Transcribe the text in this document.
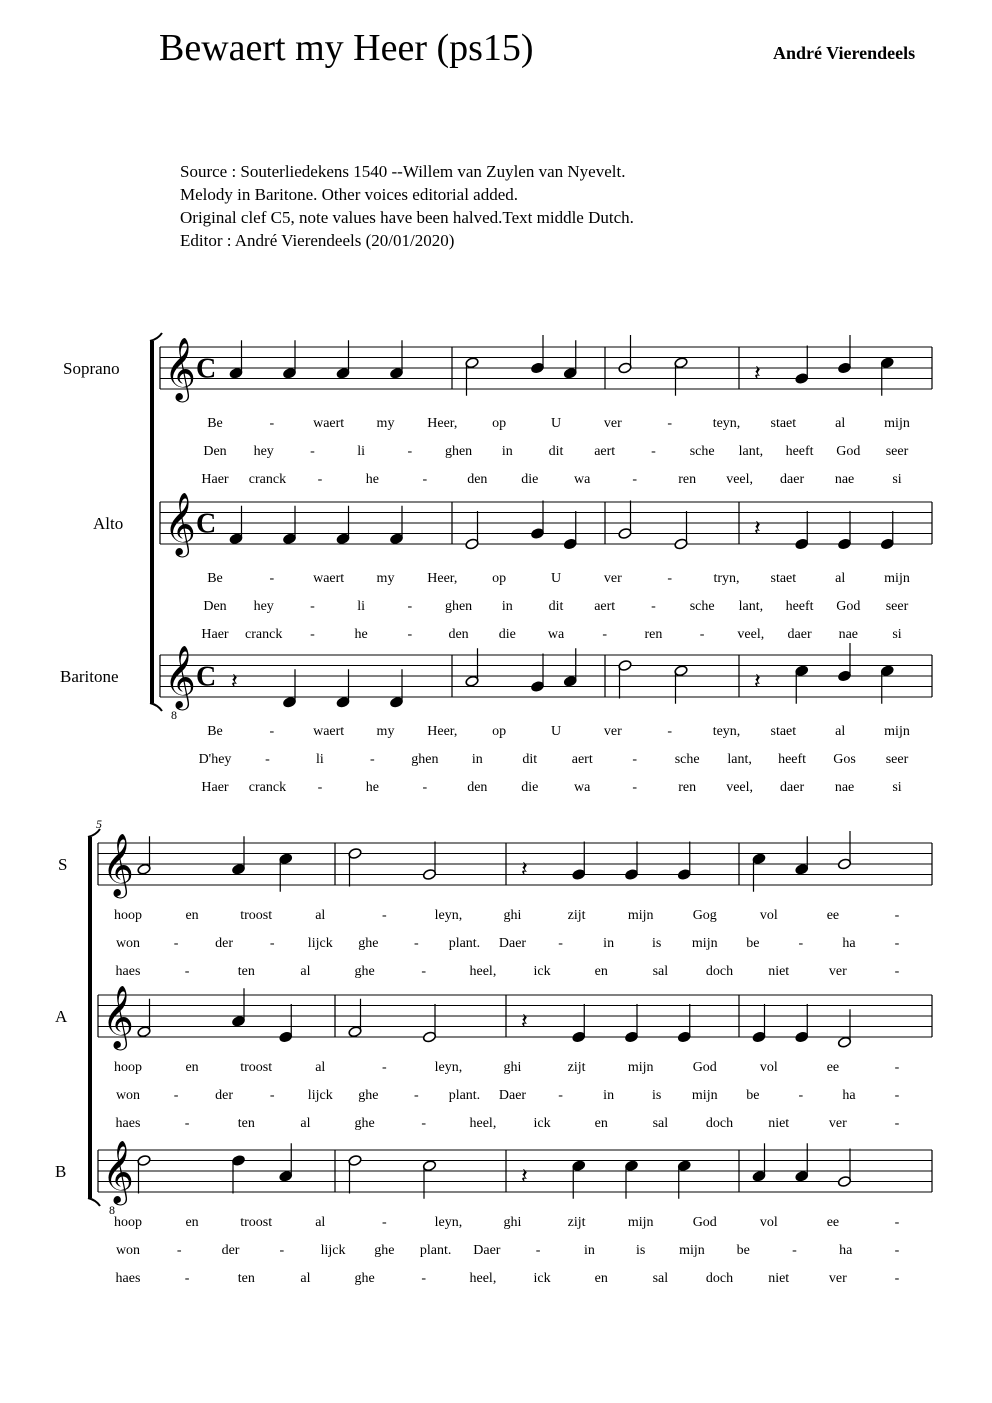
Bewaert my Heer (ps15)	André Vierendeels
Source : Souterliedekens 1540 --Willem van Zuylen van Nyevelt.
Melody in Baritone. Other voices editorial added.
Original clef C5, note values have been halved.Text middle Dutch.
Editor : André Vierendeels (20/01/2020)
𝄞 C	𝄽
𝄞 C	𝄽
𝄞
8
C 𝄽	𝄽
𝄞	𝄽
𝄞	𝄽
𝄞
8
𝄽
Soprano
Be	-	waert my Heer, op	U	ver	-	teyn, staet	al	mijn
Den hey	-	li	- ghen in	dit aert	- sche lant, heeft God seer
Haer cranck -	he	-	den die	wa	-	ren veel, daer nae	si
Alto
Be	-	waert my Heer, op	U	ver	-	tryn, staet	al	mijn
Den hey	-	li	- ghen in	dit aert	- sche lant, heeft God seer
Haer cranck -	he	-	den die wa	-	ren	- veel, daer nae si
Baritone
Be	-	waert my Heer, op	U	ver	-	teyn, staet	al	mijn
D'hey -	li	-	ghen in	dit aert	-	sche lant, heeft Gos seer
Haer cranck -	he	-	den die	wa	-	ren veel, daer nae	si
5
S
hoop	en	troost	al	-	leyn,	ghi	zijt	mijn	Gog	vol	ee	-
won -	der	- lijck ghe	- plant. Daer -	in	is mijn be	-	ha	-
haes	-	ten	al	ghe	-	heel,	ick	en	sal	doch	niet	ver	-
A
hoop	en	troost	al	-	leyn,	ghi	zijt	mijn	God	vol	ee	-
won -	der	- lijck ghe	- plant. Daer -	in	is mijn be	-	ha	-
haes	-	ten	al	ghe	-	heel,	ick	en	sal	doch	niet	ver	-
B
hoop	en	troost	al	-	leyn,	ghi	zijt	mijn	God	vol	ee	-
won	-	der	-	lijck ghe plant. Daer	-	in	is mijn be	-	ha	-
haes	-	ten	al	ghe	-	heel,	ick	en	sal	doch	niet	ver	-
